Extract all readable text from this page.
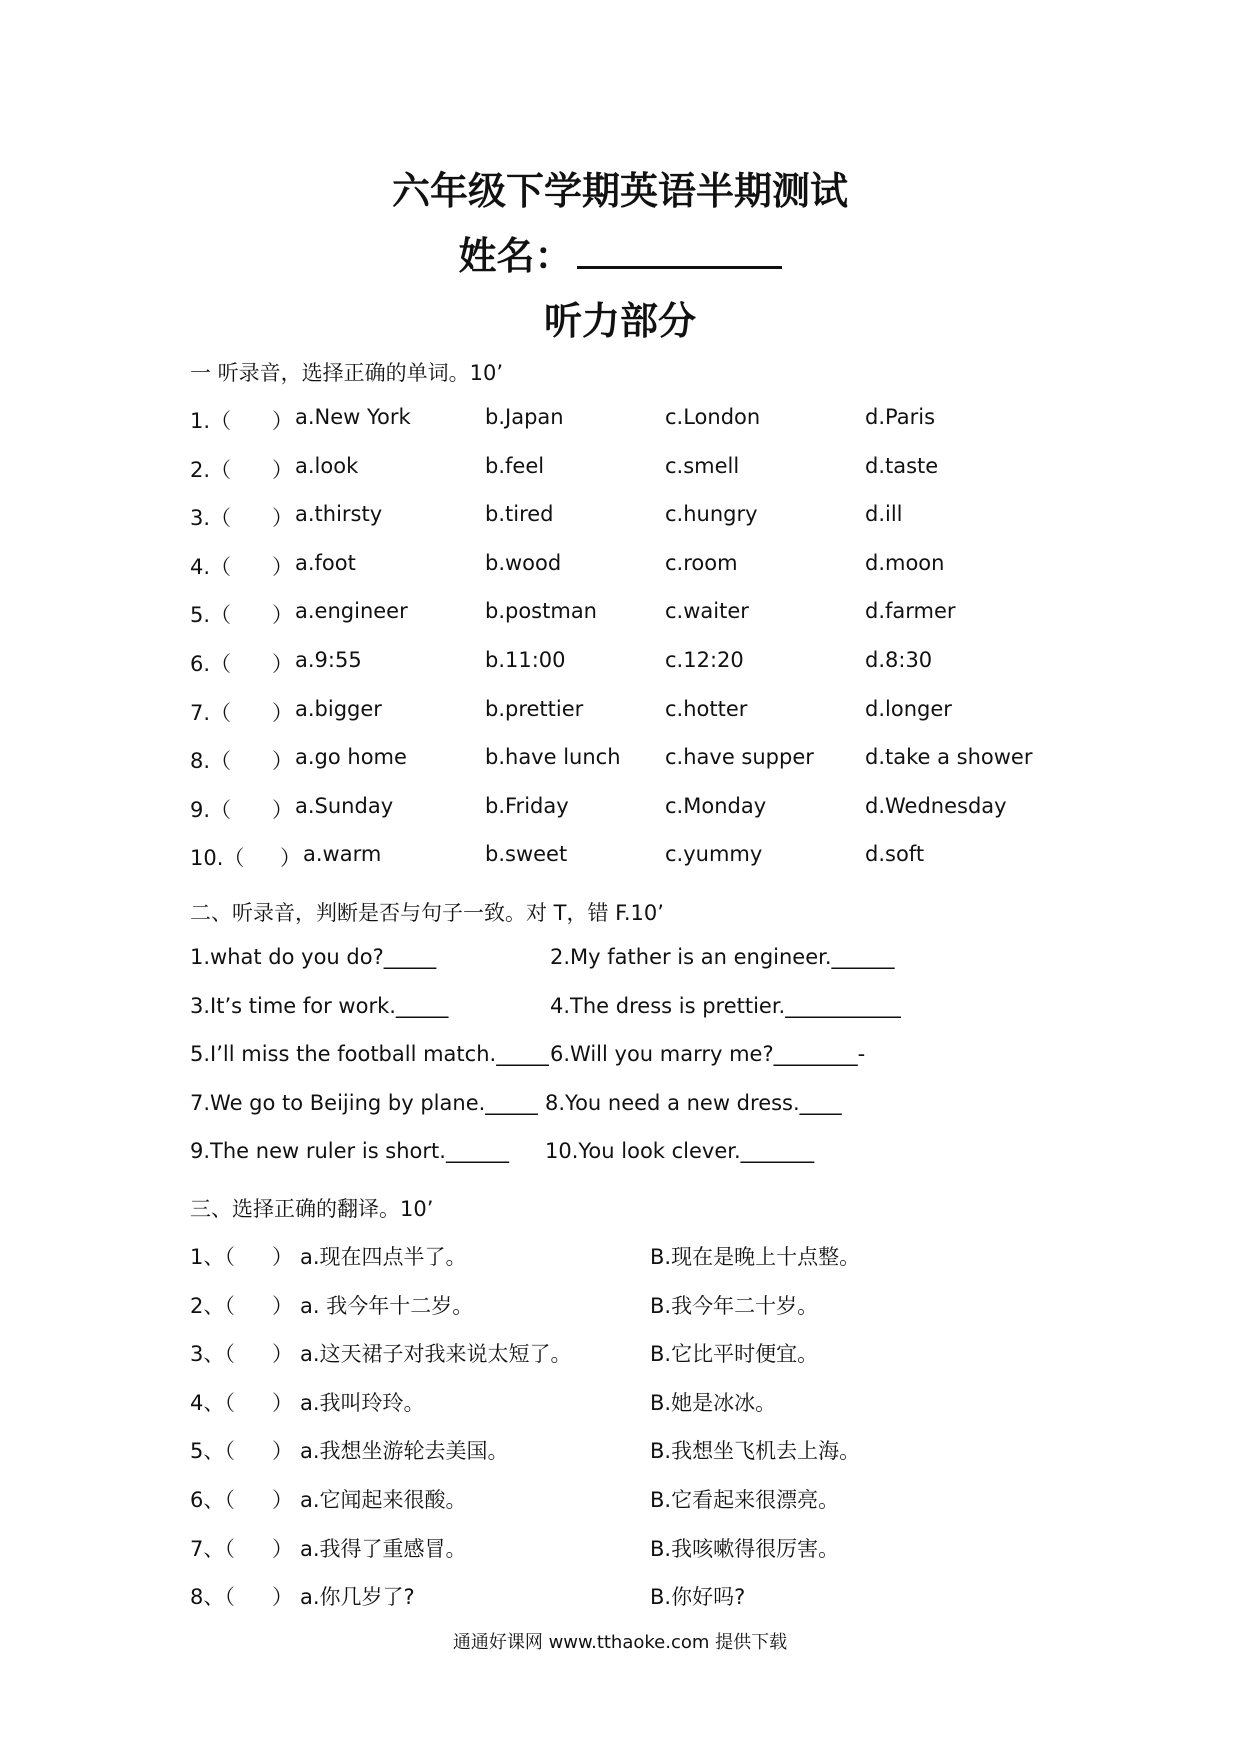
六年级下学期英语半期测试
姓名：
听力部分
一 听录音，选择正确的单词。10’
1.（ ） a.New York	b.Japan	c.London	d.Paris
2.（ ） a.look	b.feel	c.smell	d.taste
3.（ ） a.thirsty	b.tired	c.hungry	d.ill
4.（ ） a.foot	b.wood	c.room	d.moon
5.（ ） a.engineer	b.postman	c.waiter	d.farmer
6.（ ） a.9:55	b.11:00	c.12:20	d.8:30
7.（ ） a.bigger	b.prettier	c.hotter	d.longer
8.（ ） a.go home	b.have lunch c.have supper d.take a shower
9.（ ） a.Sunday	b.Friday	c.Monday	d.Wednesday
10.（ ） a.warm	b.sweet	c.yummy	d.soft
二、听录音，判断是否与句子一致。对 T，错 F.10’
1.what do you do?_____	2.My father is an engineer.______
3.It’s time for work._____	4.The dress is prettier.___________
5.I’ll miss the football match._____ 6.Will you marry me?________-
7.We go to Beijing by plane._____ 8.You need a new dress.____
9.The new ruler is short.______ 10.You look clever._______
三、选择正确的翻译。10’
1、（ ） a.现在四点半了。	B.现在是晚上十点整。
2、（ ） a. 我今年十二岁。	B.我今年二十岁。
3、（ ） a.这天裙子对我来说太短了。	B.它比平时便宜。
4、（ ） a.我叫玲玲。	B.她是冰冰。
5、（ ） a.我想坐游轮去美国。	B.我想坐飞机去上海。
6、（ ） a.它闻起来很酸。	B.它看起来很漂亮。
7、（ ） a.我得了重感冒。	B.我咳嗽得很厉害。
8、（ ） a.你几岁了?	B.你好吗?
通通好课网 www.tthaoke.com 提供下载
